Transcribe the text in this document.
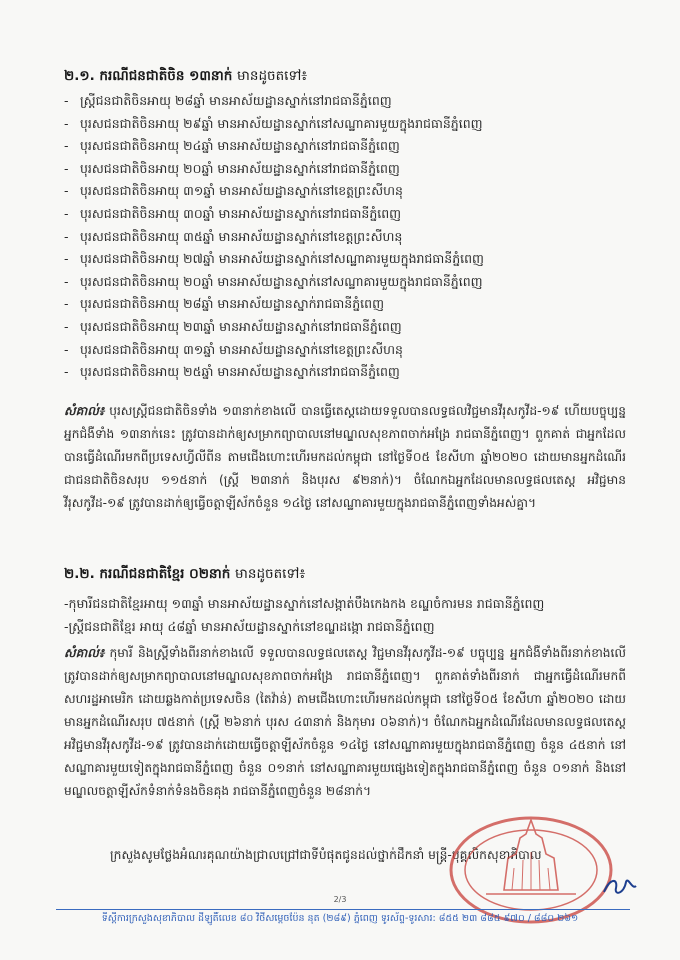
២.១. ករណីជនជាតិចិន ១៣នាក់ មានដូចតទៅ៖
- ស្ត្រីជនជាតិចិនអាយុ ២៨ឆ្នាំ មានអាស័យដ្ឋានស្នាក់នៅរាជធានីភ្នំពេញ
- បុរសជនជាតិចិនអាយុ ២៩ឆ្នាំ មានអាស័យដ្ឋានស្នាក់នៅសណ្ឋាគារមួយក្នុងរាជធានីភ្នំពេញ
- បុរសជនជាតិចិនអាយុ ២៤ឆ្នាំ មានអាស័យដ្ឋានស្នាក់នៅរាជធានីភ្នំពេញ
- បុរសជនជាតិចិនអាយុ ២០ឆ្នាំ មានអាស័យដ្ឋានស្នាក់នៅរាជធានីភ្នំពេញ
- បុរសជនជាតិចិនអាយុ ៣១ឆ្នាំ មានអាស័យដ្ឋានស្នាក់នៅខេត្តព្រះសីហនុ
- បុរសជនជាតិចិនអាយុ ៣០ឆ្នាំ មានអាស័យដ្ឋានស្នាក់នៅរាជធានីភ្នំពេញ
- បុរសជនជាតិចិនអាយុ ៣៥ឆ្នាំ មានអាស័យដ្ឋានស្នាក់នៅខេត្តព្រះសីហនុ
- បុរសជនជាតិចិនអាយុ ២៧ឆ្នាំ មានអាស័យដ្ឋានស្នាក់នៅសណ្ឋាគារមួយក្នុងរាជធានីភ្នំពេញ
- បុរសជនជាតិចិនអាយុ ២០ឆ្នាំ មានអាស័យដ្ឋានស្នាក់នៅសណ្ឋាគារមួយក្នុងរាជធានីភ្នំពេញ
- បុរសជនជាតិចិនអាយុ ២៨ឆ្នាំ មានអាស័យដ្ឋានស្នាក់រាជធានីភ្នំពេញ
- បុរសជនជាតិចិនអាយុ ២៣ឆ្នាំ មានអាស័យដ្ឋានស្នាក់នៅរាជធានីភ្នំពេញ
- បុរសជនជាតិចិនអាយុ ៣១ឆ្នាំ មានអាស័យដ្ឋានស្នាក់នៅខេត្តព្រះសីហនុ
- បុរសជនជាតិចិនអាយុ ២៥ឆ្នាំ មានអាស័យដ្ឋានស្នាក់នៅរាជធានីភ្នំពេញ
សំគាល់៖ បុរសស្ត្រីជនជាតិចិនទាំង ១៣នាក់ខាងលើ បានធ្វើតេស្តដោយទទួលបានលទ្ធផលវិជ្ជមានវីរុសកូវីដ-១៩ ហើយបច្ចុប្បន្ន អ្នកជំងឺទាំង ១៣នាក់នេះ ត្រូវបានដាក់ឲ្យសម្រាកព្យាបាលនៅមណ្ឌលសុខភាពចាក់អង្រែ រាជធានីភ្នំពេញ។ ពួកគាត់ ជាអ្នកដែលបានធ្វើដំណើរមកពីប្រទេសហ្វីលីពីន តាមជើងហោះហើរមកដល់កម្ពុជា នៅថ្ងៃទី០៥ ខែសីហា ឆ្នាំ២០២០ ដោយមានអ្នកដំណើរជាជនជាតិចិនសរុប ១១៥នាក់ (ស្ត្រី ២៣នាក់ និងបុរស ៩២នាក់)។ ចំណែកឯអ្នកដែលមានលទ្ធផលតេស្ត អវិជ្ជមានវីរុសកូវីដ-១៩ ត្រូវបានដាក់ឲ្យធ្វើចត្តាឡីស័កចំនួន ១៤ថ្ងៃ នៅសណ្ឋាគារមួយក្នុងរាជធានីភ្នំពេញទាំងអស់គ្នា។
២.២. ករណីជនជាតិខ្មែរ ០២នាក់ មានដូចតទៅ៖
-កុមារីជនជាតិខ្មែរអាយុ ១៣ឆ្នាំ មានអាស័យដ្ឋានស្នាក់នៅសង្កាត់បឹងកេងកង ខណ្ឌចំការមន រាជធានីភ្នំពេញ
-ស្ត្រីជនជាតិខ្មែរ អាយុ ៤៨ឆ្នាំ មានអាស័យដ្ឋានស្នាក់នៅខណ្ឌដង្កោ រាជធានីភ្នំពេញ
សំគាល់៖ កុមារី និងស្ត្រីទាំងពីរនាក់ខាងលើ ទទួលបានលទ្ធផលតេស្ត វិជ្ជមានវីរុសកូវីដ-១៩ បច្ចុប្បន្ន អ្នកជំងឺទាំងពីរនាក់ខាងលើ ត្រូវបានដាក់ឲ្យសម្រាកព្យាបាលនៅមណ្ឌលសុខភាពចាក់អង្រែ រាជធានីភ្នំពេញ។ ពួកគាត់ទាំងពីរនាក់ ជាអ្នកធ្វើដំណើរមកពីសហរដ្ឋអាមេរិក ដោយឆ្លងកាត់ប្រទេសចិន (តៃវ៉ាន់) តាមជើងហោះហើរមកដល់កម្ពុជា នៅថ្ងៃទី០៥ ខែសីហា ឆ្នាំ២០២០ ដោយមានអ្នកដំណើរសរុប ៧៥នាក់ (ស្ត្រី ២៦នាក់ បុរស ៤៣នាក់ និងកុមារ ០៦នាក់)។ ចំណែកឯអ្នកដំណើរដែលមានលទ្ធផលតេស្ត អវិជ្ជមានវីរុសកូវីដ-១៩ ត្រូវបានដាក់ដោយធ្វើចត្តាឡីស័កចំនួន ១៤ថ្ងៃ នៅសណ្ឋាគារមួយក្នុងរាជធានីភ្នំពេញ ចំនួន ៤៥នាក់ នៅសណ្ឋាគារមួយទៀតក្នុងរាជធានីភ្នំពេញ ចំនួន ០១នាក់ នៅសណ្ឋាគារមួយផ្សេងទៀតក្នុងរាជធានីភ្នំពេញ ចំនួន ០១នាក់ និងនៅមណ្ឌលចត្តាឡីស័កទំនាក់ទំនងចិនគុង រាជធានីភ្នំពេញចំនួន ២៨នាក់។
ក្រសួងសូមថ្លែងអំណរគុណយ៉ាងជ្រាលជ្រៅជាទីបំផុតជូនដល់ថ្នាក់ដឹកនាំ មន្ត្រី-បុគ្គលិកសុខាភិបាល
2/3
ទីស្តីការក្រសួងសុខាភិបាល ដីឡូតិ៍លេខ ៨០ វិថីសម្តេចប៉ែន នុត (២៨៩) ភ្នំពេញ ទូរស័ព្ទ-ទូរសារ: ៨៥៥ ២៣ ៨៨៥ ៩៧០ / ៨៨០ ២៦១
